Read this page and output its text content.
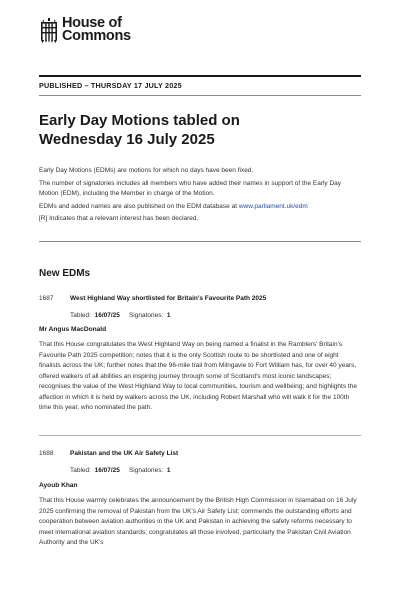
House of
Commons
PUBLISHED – THURSDAY 17 JULY 2025
Early Day Motions tabled on
Wednesday 16 July 2025

Early Day Motions (EDMs) are motions for which no days have been fixed.

The number of signatories includes all members who have added their names in support of the Early Day Motion (EDM), including the Member in charge of the Motion.

EDMs and added names are also published on the EDM database at www.parliament.uk/edm

[R] Indicates that a relevant interest has been declared.

New EDMs
1687	West Highland Way shortlisted for Britain's Favourite Path 2025
Tabled: 16/07/25 Signatories: 1
Mr Angus MacDonald
That this House congratulates the West Highland Way on being named a finalist in the Ramblers' Britain's Favourite Path 2025 competition; notes that it is the only Scottish route to be shortlisted and one of eight finalists across the UK; further notes that the 96-mile trail from Milngavie to Fort William has, for over 40 years, offered walkers of all abilities an inspiring journey through some of Scotland's most iconic landscapes; recognises the value of the West Highland Way to local communities, tourism and wellbeing; and highlights the affection in which it is held by walkers across the UK, including Robert Marshall who will walk it for the 100th time this year, who nominated the path.
1688	Pakistan and the UK Air Safety List
Tabled: 16/07/25 Signatories: 1
Ayoub Khan
That this House warmly celebrates the announcement by the British High Commission in Islamabad on 16 July 2025 confirming the removal of Pakistan from the UK's Air Safety List; commends the outstanding efforts and cooperation between aviation authorities in the UK and Pakistan in achieving the safety reforms necessary to meet international aviation standards; congratulates all those involved, particularly the Pakistan Civil Aviation Authority and the UK's
